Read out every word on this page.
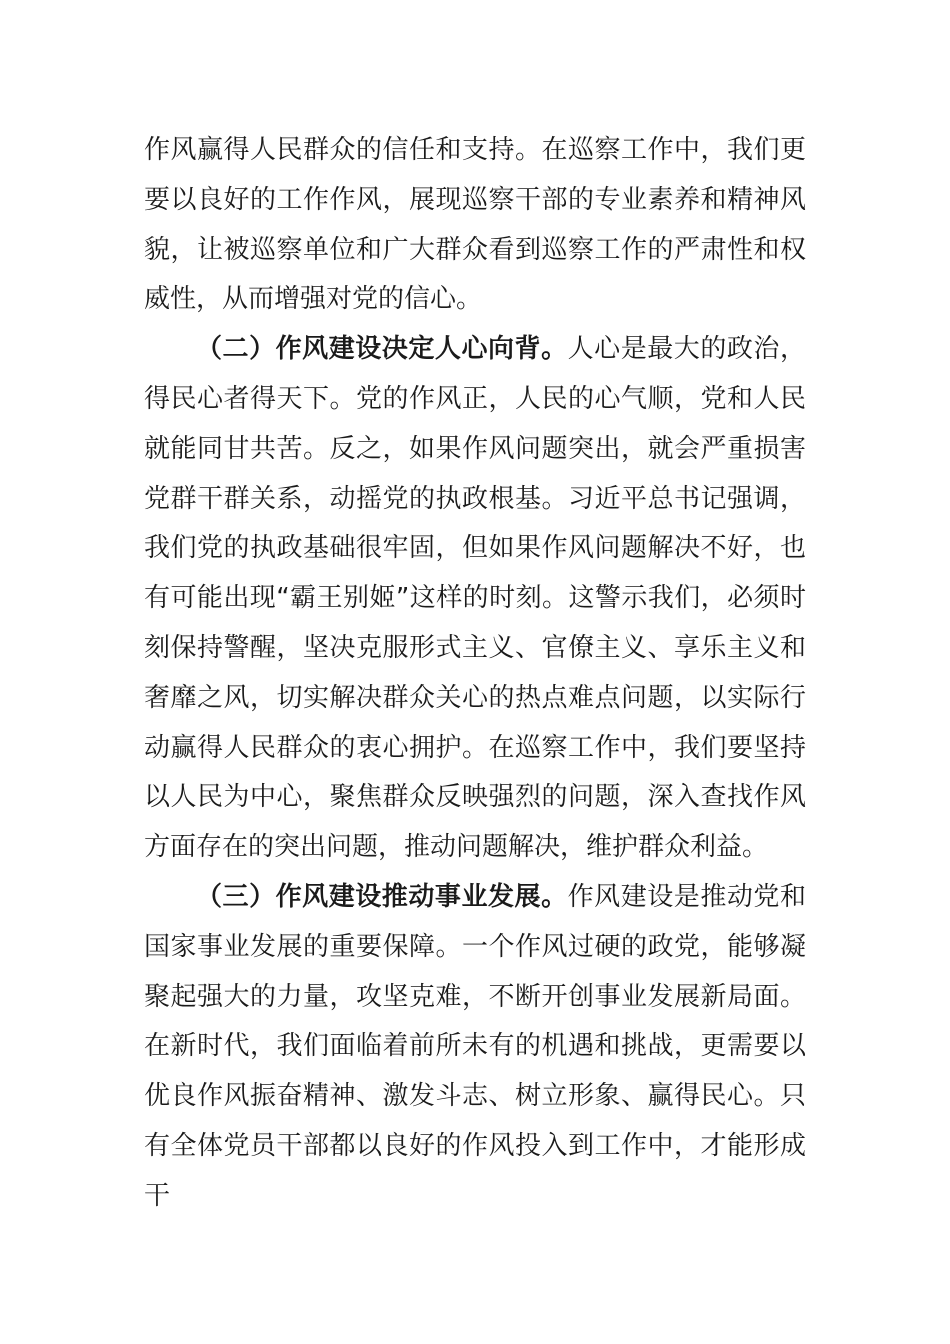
作风赢得人民群众的信任和支持。在巡察工作中，我们更要以良好的工作作风，展现巡察干部的专业素养和精神风貌，让被巡察单位和广大群众看到巡察工作的严肃性和权威性，从而增强对党的信心。

（二）作风建设决定人心向背。人心是最大的政治，得民心者得天下。党的作风正，人民的心气顺，党和人民就能同甘共苦。反之，如果作风问题突出，就会严重损害党群干群关系，动摇党的执政根基。习近平总书记强调，我们党的执政基础很牢固，但如果作风问题解决不好，也有可能出现“霸王别姬”这样的时刻。这警示我们，必须时刻保持警醒，坚决克服形式主义、官僚主义、享乐主义和奢靡之风，切实解决群众关心的热点难点问题，以实际行动赢得人民群众的衷心拥护。在巡察工作中，我们要坚持以人民为中心，聚焦群众反映强烈的问题，深入查找作风方面存在的突出问题，推动问题解决，维护群众利益。

（三）作风建设推动事业发展。作风建设是推动党和国家事业发展的重要保障。一个作风过硬的政党，能够凝聚起强大的力量，攻坚克难，不断开创事业发展新局面。在新时代，我们面临着前所未有的机遇和挑战，更需要以优良作风振奋精神、激发斗志、树立形象、赢得民心。只有全体党员干部都以良好的作风投入到工作中，才能形成干
